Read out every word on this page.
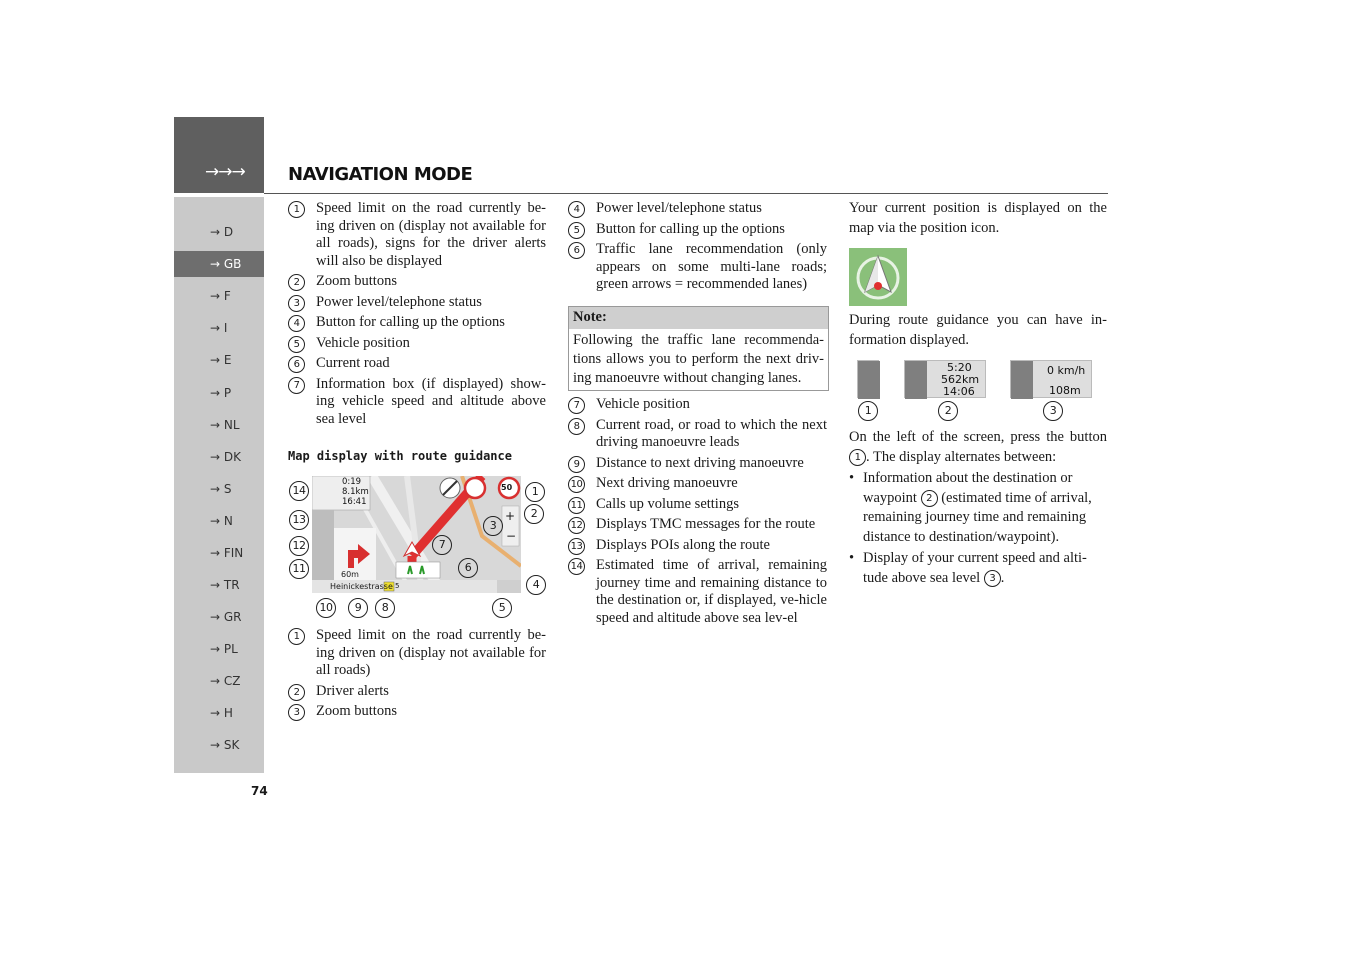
→→→ NAVIGATION MODE
→ D
→ GB
→ F
→ I
→ E
→ P
→ NL
→ DK
→ S
→ N
→ FIN
→ TR
→ GR
→ PL
→ CZ
→ H
→ SK
74
1	Speed limit on the road currently be-ing driven on (display not available for all roads), signs for the driver alerts will also be displayed
2	Zoom buttons
3	Power level/telephone status
4	Button for calling up the options
5	Vehicle position
6	Current road
7	Information box (if displayed) show-ing vehicle speed and altitude above sea level
Map display with route guidance
0:19
8.1km
16:41
50
60m
Heinickestrasse 5
+
−
14
13
12
11
10	9	8
7
6
5
4
3
2
1
1	Speed limit on the road currently be-ing driven on (display not available for all roads)
2	Driver alerts
3	Zoom buttons
4	Power level/telephone status
5	Button for calling up the options
6	Traffic lane recommendation (only appears on some multi-lane roads; green arrows = recommended lanes)
Note:
Following the traffic lane recommenda-tions allows you to perform the next driv-ing manoeuvre without changing lanes.
7	Vehicle position
8	Current road, or road to which the next driving manoeuvre leads
9	Distance to next driving manoeuvre
10 Next driving manoeuvre
11 Calls up volume settings
12 Displays TMC messages for the route
13 Displays POIs along the route
14 Estimated time of arrival, remaining journey time and remaining distance to the destination or, if displayed, ve-hicle speed and altitude above sea lev-el
Your current position is displayed on the map via the position icon.
During route guidance you can have in-formation displayed.
5:20
562km
14:06
0 km/h
108m
1	2	3
On the left of the screen, press the button 1 . The display alternates between:
• Information about the destination or waypoint 2 (estimated time of arrival, remaining journey time and remaining distance to destination/waypoint).
• Display of your current speed and alti-tude above sea level 3 .
